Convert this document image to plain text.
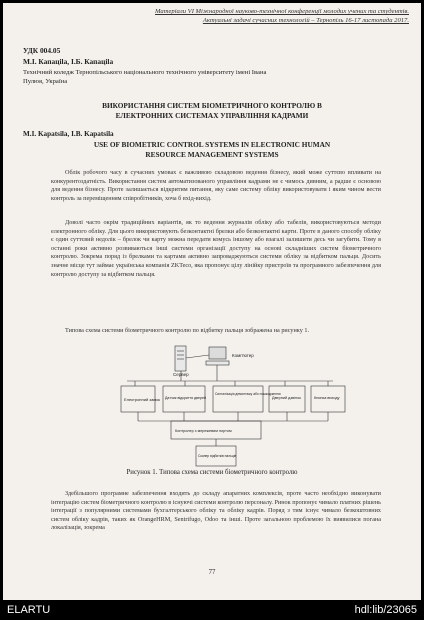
Матеріали VI Міжнародної науково-технічної конференції молодих учених та студентів.
Актуальні задачі сучасних технологій – Тернопіль 16-17 листопада 2017.
УДК 004.05
М.І. Капацila, І.Б. Капацila
Технічний коледж Тернопільського національного технічного університету імені Івана
Пулюя, Україна
ВИКОРИСТАННЯ СИСТЕМ БІОМЕТРИЧНОГО КОНТРОЛЮ В
ЕЛЕКТРОННИХ СИСТЕМАХ УПРАВЛІННЯ КАДРАМИ
M.I. Kapatsila, I.B. Kapatsila
USE OF BIOMETRIC CONTROL SYSTEMS IN ELECTRONIC HUMAN
RESOURCE MANAGEMENT SYSTEMS
Облік робочого часу в сучасних умовах є важливою складовою ведення бізнесу, який може суттєво впливати на конкурентоздатність. Використання систем автоматизованого управління кадрами не є чимось дивним, а радше є основою для ведення бізнесу. Проте залишається відкритим питання, яку саме систему обліку використовувати і яким чином вести контроль за переміщенням співробітників, хоча б вхід-вихід.
Доволі часто окрім традиційних варіантів, як то ведення журналів обліку або табелів, використовуються методи електронного обліку. Для цього використовують безконтактні брелки або безконтактні карти. Проте в даного способу обліку є один суттєвий недолік – брелок чи карту можна передати комусь іншому або взагалі залишити десь чи загубити. Тому в останні роки активно розвиваються інші системи організації доступу на основі складніших систем біометричного контролю. Зокрема поряд із брелками та картами активно запроваджуються системи обліку за відбитком пальця. Досить значне місце тут займає українська компанія ZKTeco, яка пропонує цілу лінійку пристроїв та програмного забезпечення для контролю доступу за відбитком пальця.
Типова схема системи біометричного контролю по відбитку пальця зображена на рисунку 1.
Сервер
Комп'ютер
Електронний замок Датчик відкриття дверей
Сигналізація демонтажу або пошкодження
Дверний дзвінок	Кнопка виходу
Контролер з мережевим портом
Сканер відбитків пальців
Рисунок 1. Типова схема системи біометричного контролю
Здебільшого програмне забезпечення входить до складу апаратних комплексів, проте часто необхідно виконувати інтеграцію систем біометричного контролю в існуючі системи контролю персоналу. Ринок пропонує чимало платних рішень інтеграції з популярними системами бухгалтерського обліку та обліку кадрів. Поряд з тим існує чимало безкоштовних систем обліку кадрів, таких як OrangeHRM, Sentrifugo, Odoo та інші. Проте загальною проблемою їх виявилися погана локалізація, зокрема
77
ELARTU	hdl:lib/23065
